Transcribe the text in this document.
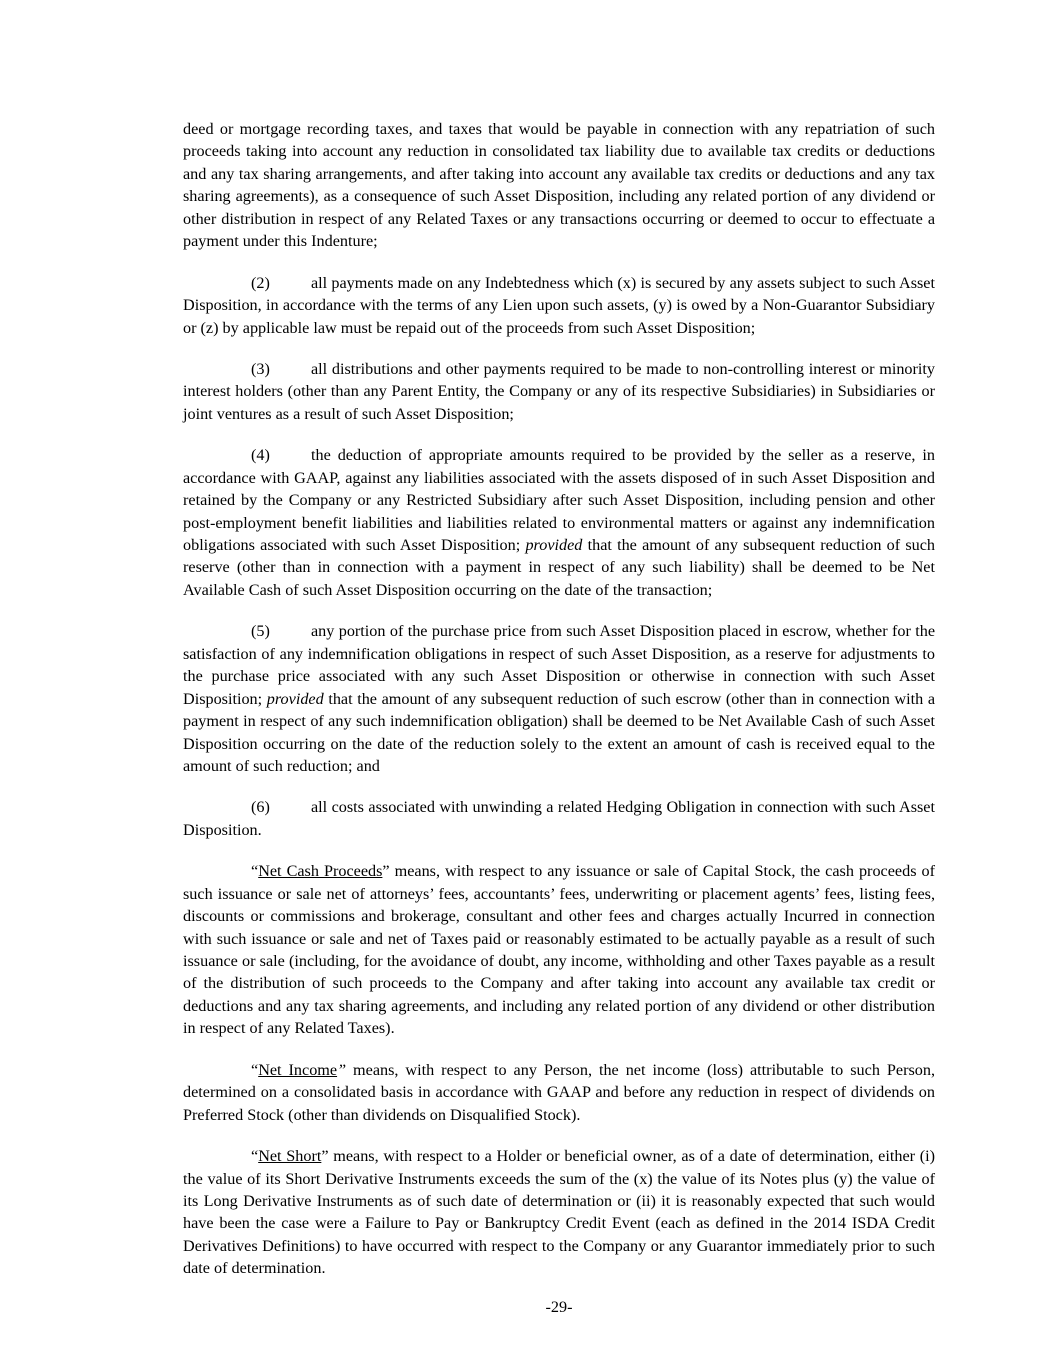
deed or mortgage recording taxes, and taxes that would be payable in connection with any repatriation of such proceeds taking into account any reduction in consolidated tax liability due to available tax credits or deductions and any tax sharing arrangements, and after taking into account any available tax credits or deductions and any tax sharing agreements), as a consequence of such Asset Disposition, including any related portion of any dividend or other distribution in respect of any Related Taxes or any transactions occurring or deemed to occur to effectuate a payment under this Indenture;

(2)	all payments made on any Indebtedness which (x) is secured by any assets subject to such Asset Disposition, in accordance with the terms of any Lien upon such assets, (y) is owed by a Non-Guarantor Subsidiary or (z) by applicable law must be repaid out of the proceeds from such Asset Disposition;

(3)	all distributions and other payments required to be made to non-controlling interest or minority interest holders (other than any Parent Entity, the Company or any of its respective Subsidiaries) in Subsidiaries or joint ventures as a result of such Asset Disposition;

(4)	the deduction of appropriate amounts required to be provided by the seller as a reserve, in accordance with GAAP, against any liabilities associated with the assets disposed of in such Asset Disposition and retained by the Company or any Restricted Subsidiary after such Asset Disposition, including pension and other post-employment benefit liabilities and liabilities related to environmental matters or against any indemnification obligations associated with such Asset Disposition; provided that the amount of any subsequent reduction of such reserve (other than in connection with a payment in respect of any such liability) shall be deemed to be Net Available Cash of such Asset Disposition occurring on the date of the transaction;

(5)	any portion of the purchase price from such Asset Disposition placed in escrow, whether for the satisfaction of any indemnification obligations in respect of such Asset Disposition, as a reserve for adjustments to the purchase price associated with any such Asset Disposition or otherwise in connection with such Asset Disposition; provided that the amount of any subsequent reduction of such escrow (other than in connection with a payment in respect of any such indemnification obligation) shall be deemed to be Net Available Cash of such Asset Disposition occurring on the date of the reduction solely to the extent an amount of cash is received equal to the amount of such reduction; and

(6)	all costs associated with unwinding a related Hedging Obligation in connection with such Asset Disposition.

“Net Cash Proceeds” means, with respect to any issuance or sale of Capital Stock, the cash proceeds of such issuance or sale net of attorneys’ fees, accountants’ fees, underwriting or placement agents’ fees, listing fees, discounts or commissions and brokerage, consultant and other fees and charges actually Incurred in connection with such issuance or sale and net of Taxes paid or reasonably estimated to be actually payable as a result of such issuance or sale (including, for the avoidance of doubt, any income, withholding and other Taxes payable as a result of the distribution of such proceeds to the Company and after taking into account any available tax credit or deductions and any tax sharing agreements, and including any related portion of any dividend or other distribution in respect of any Related Taxes).

“Net Income” means, with respect to any Person, the net income (loss) attributable to such Person, determined on a consolidated basis in accordance with GAAP and before any reduction in respect of dividends on Preferred Stock (other than dividends on Disqualified Stock).

“Net Short” means, with respect to a Holder or beneficial owner, as of a date of determination, either (i) the value of its Short Derivative Instruments exceeds the sum of the (x) the value of its Notes plus (y) the value of its Long Derivative Instruments as of such date of determination or (ii) it is reasonably expected that such would have been the case were a Failure to Pay or Bankruptcy Credit Event (each as defined in the 2014 ISDA Credit Derivatives Definitions) to have occurred with respect to the Company or any Guarantor immediately prior to such date of determination.

-29-
